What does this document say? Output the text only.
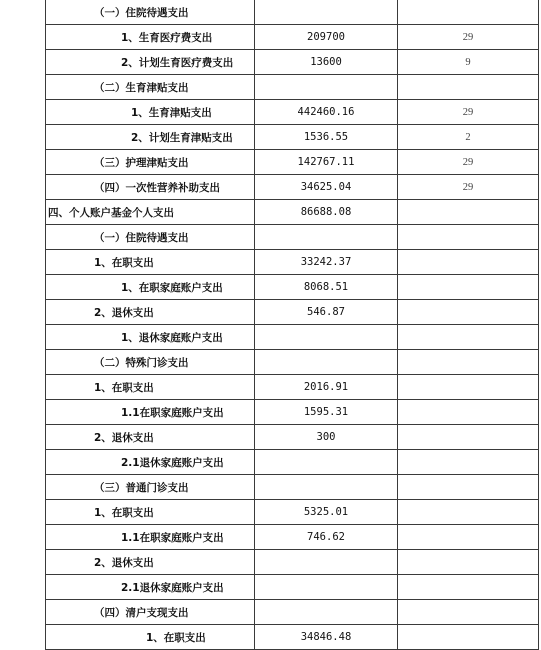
（一）住院待遇支出		
1、生育医疗费支出	209700	29
2、计划生育医疗费支出	13600	9
（二）生育津贴支出		
1、生育津贴支出	442460.16	29
2、计划生育津贴支出	1536.55	2
（三）护理津贴支出	142767.11	29
（四）一次性营养补助支出	34625.04	29
四、个人账户基金个人支出	86688.08	
（一）住院待遇支出		
1、在职支出	33242.37	
1、在职家庭账户支出	8068.51	
2、退休支出	546.87	
1、退休家庭账户支出		
（二）特殊门诊支出		
1、在职支出	2016.91	
1.1在职家庭账户支出	1595.31	
2、退休支出	300	
2.1退休家庭账户支出		
（三）普通门诊支出		
1、在职支出	5325.01	
1.1在职家庭账户支出	746.62	
2、退休支出		
2.1退休家庭账户支出		
（四）清户支现支出		
1、在职支出	34846.48	
